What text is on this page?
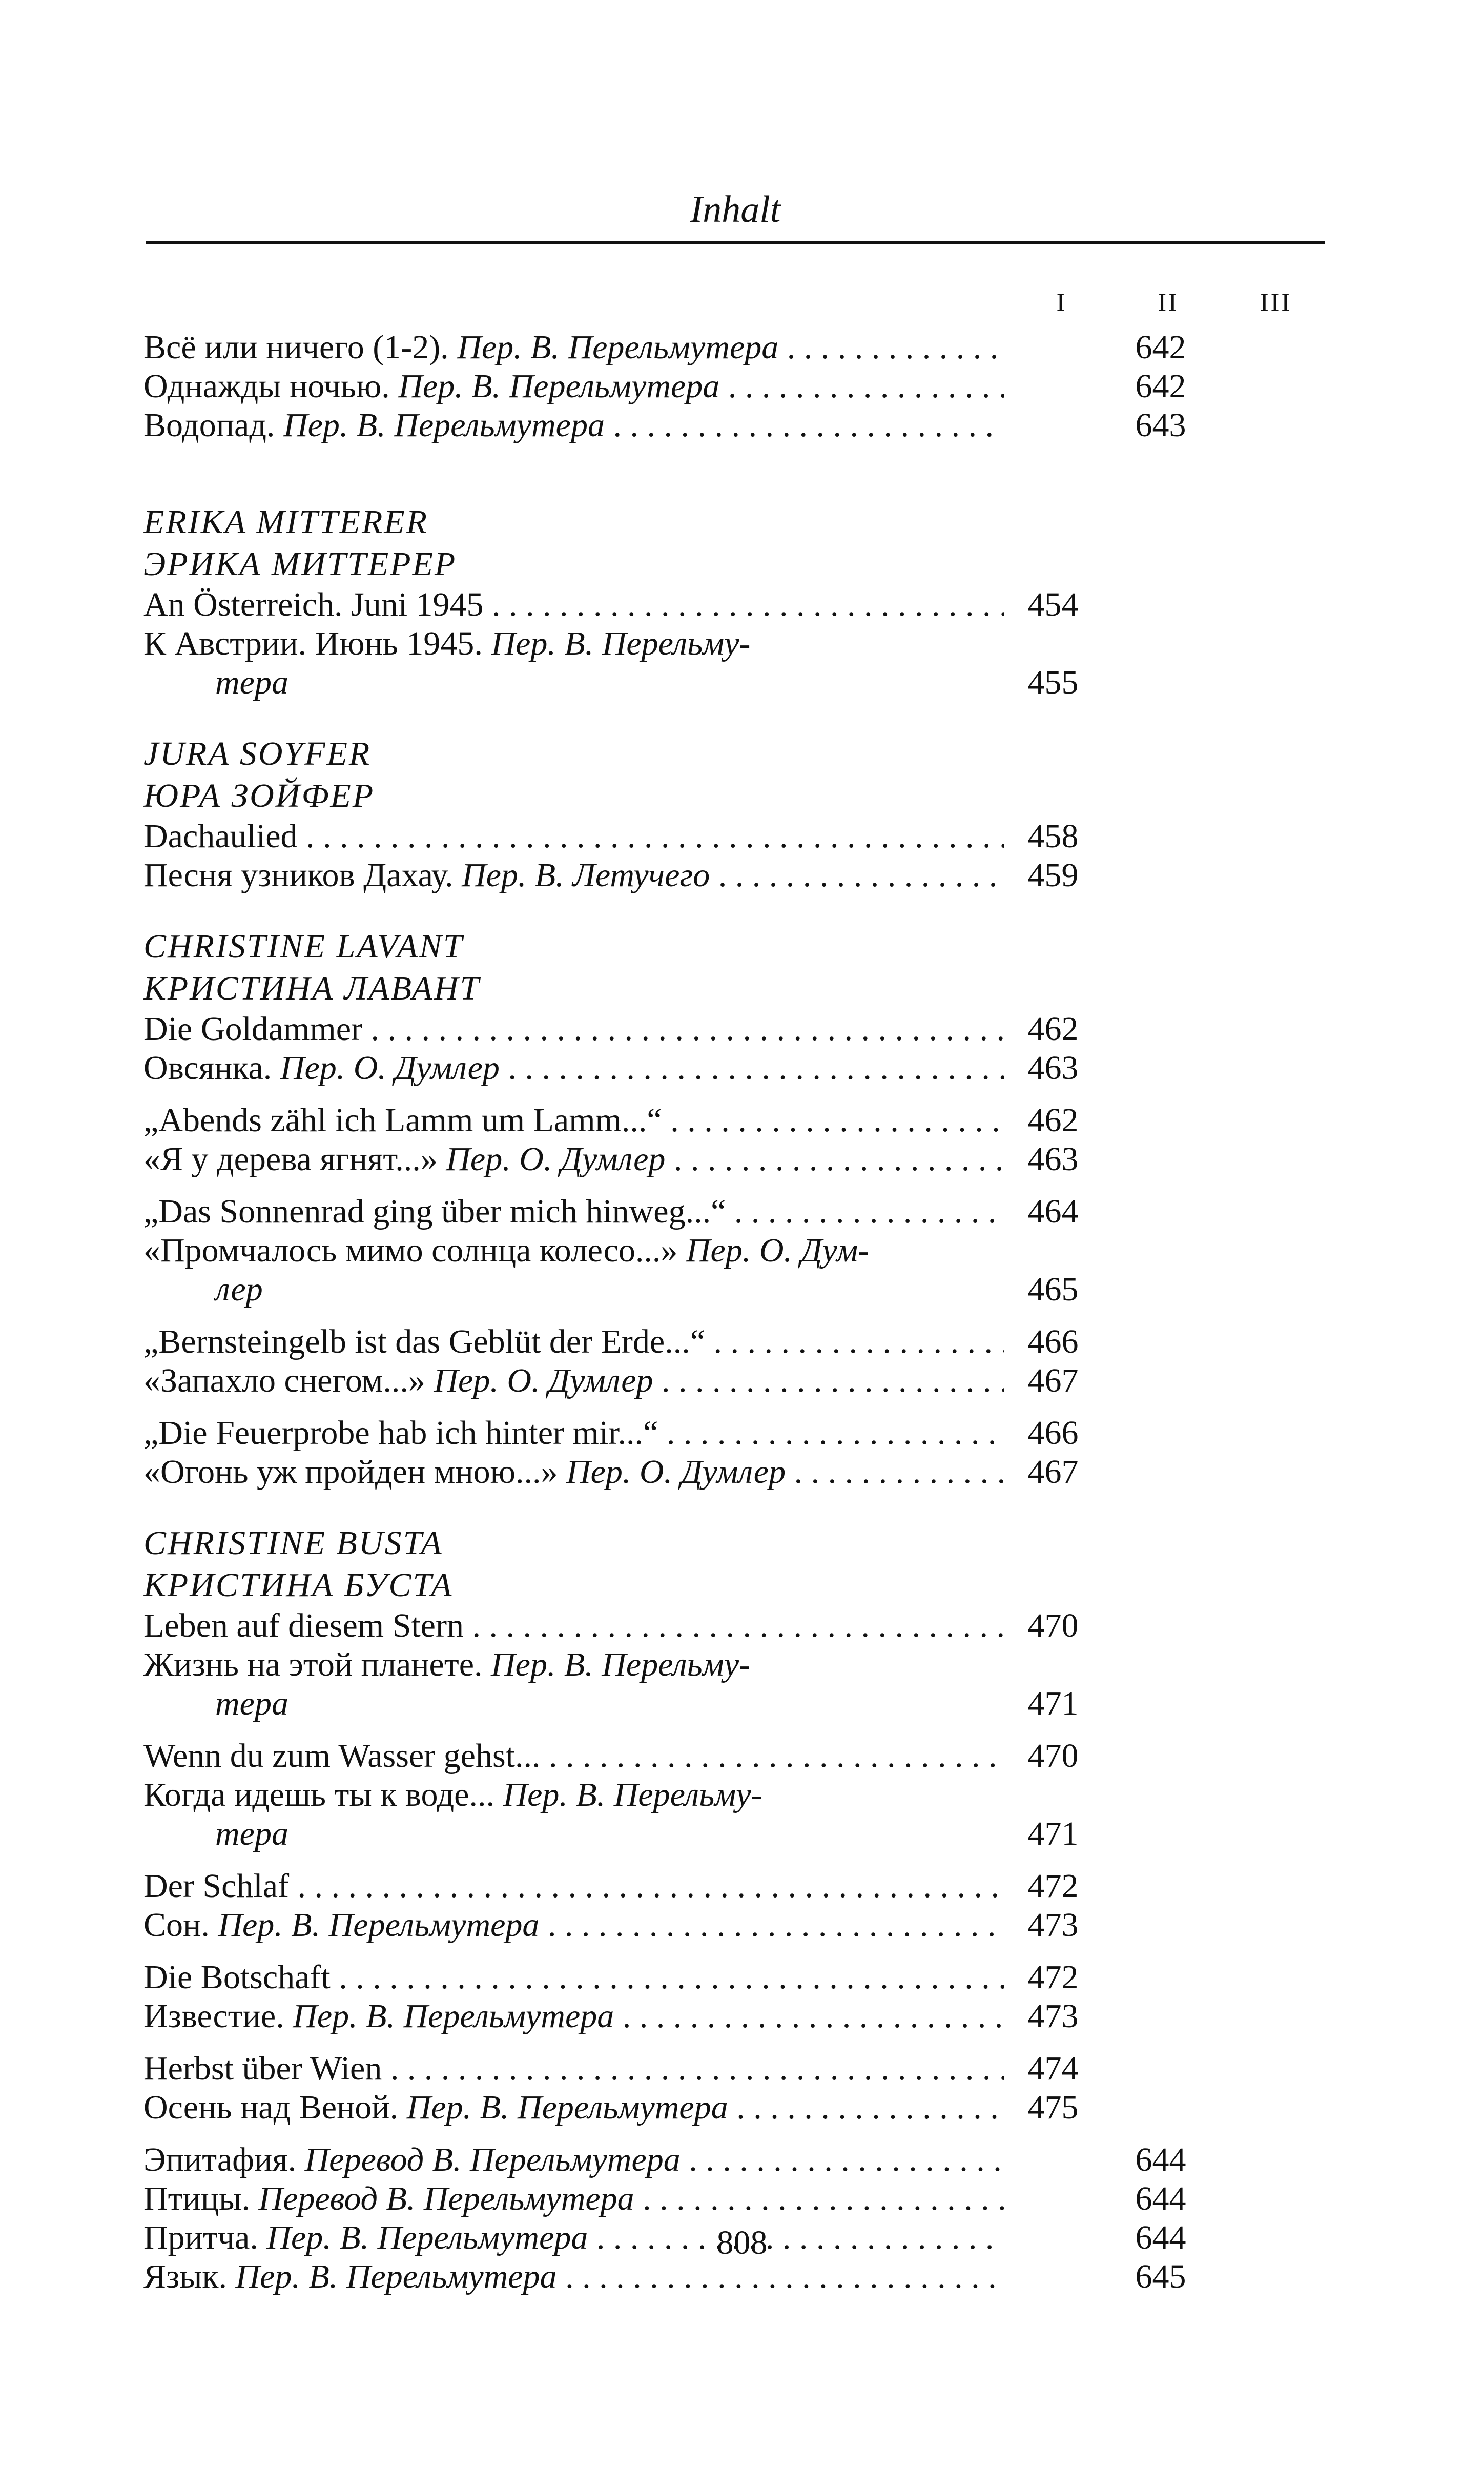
Inhalt
I	II	III
Всё или ничего (1-2). Пер. В. Перельмутера . . .	642
Однажды ночью. Пер. В. Перельмутера . . .	642
Водопад. Пер. В. Перельмутера . . .	643
ERIKA MITTERER
ЭРИКА МИТТЕРЕР
An Österreich. Juni 1945 . . .	454
К Австрии. Июнь 1945. Пер. В. Перельму-
тера . . .	455
JURA SOYFER
ЮРА ЗОЙФЕР
Dachaulied . . .	458
Песня узников Дахау. Пер. В. Летучего . . .	459
CHRISTINE LAVANT
КРИСТИНА ЛАВАНТ
Die Goldammer . . .	462
Овсянка. Пер. О. Думлер . . .	463
„Abends zähl ich Lamm um Lamm...“ . . .	462
«Я у дерева ягнят...» Пер. О. Думлер . . .	463
„Das Sonnenrad ging über mich hinweg...“ . . .	464
«Промчалось мимо солнца колесо...» Пер. О. Дум-
лер . . .	465
„Bernsteingelb ist das Geblüt der Erde...“ . . .	466
«Запахло снегом...» Пер. О. Думлер . . .	467
„Die Feuerprobe hab ich hinter mir...“ . . .	466
«Огонь уж пройден мною...» Пер. О. Думлер . . .	467
CHRISTINE BUSTA
КРИСТИНА БУСТА
Leben auf diesem Stern . . .	470
Жизнь на этой планете. Пер. В. Перельму-
тера . . .	471
Wenn du zum Wasser gehst... . . .	470
Когда идешь ты к воде... Пер. В. Перельму-
тера . . .	471
Der Schlaf . . .	472
Сон. Пер. В. Перельмутера . . .	473
Die Botschaft . . .	472
Известие. Пер. В. Перельмутера . . .	473
Herbst über Wien . . .	474
Осень над Веной. Пер. В. Перельмутера . . .	475
Эпитафия. Перевод В. Перельмутера . . .	644
Птицы. Перевод В. Перельмутера . . .	644
Притча. Пер. В. Перельмутера . . .	644
Язык. Пер. В. Перельмутера . . .	645
808
